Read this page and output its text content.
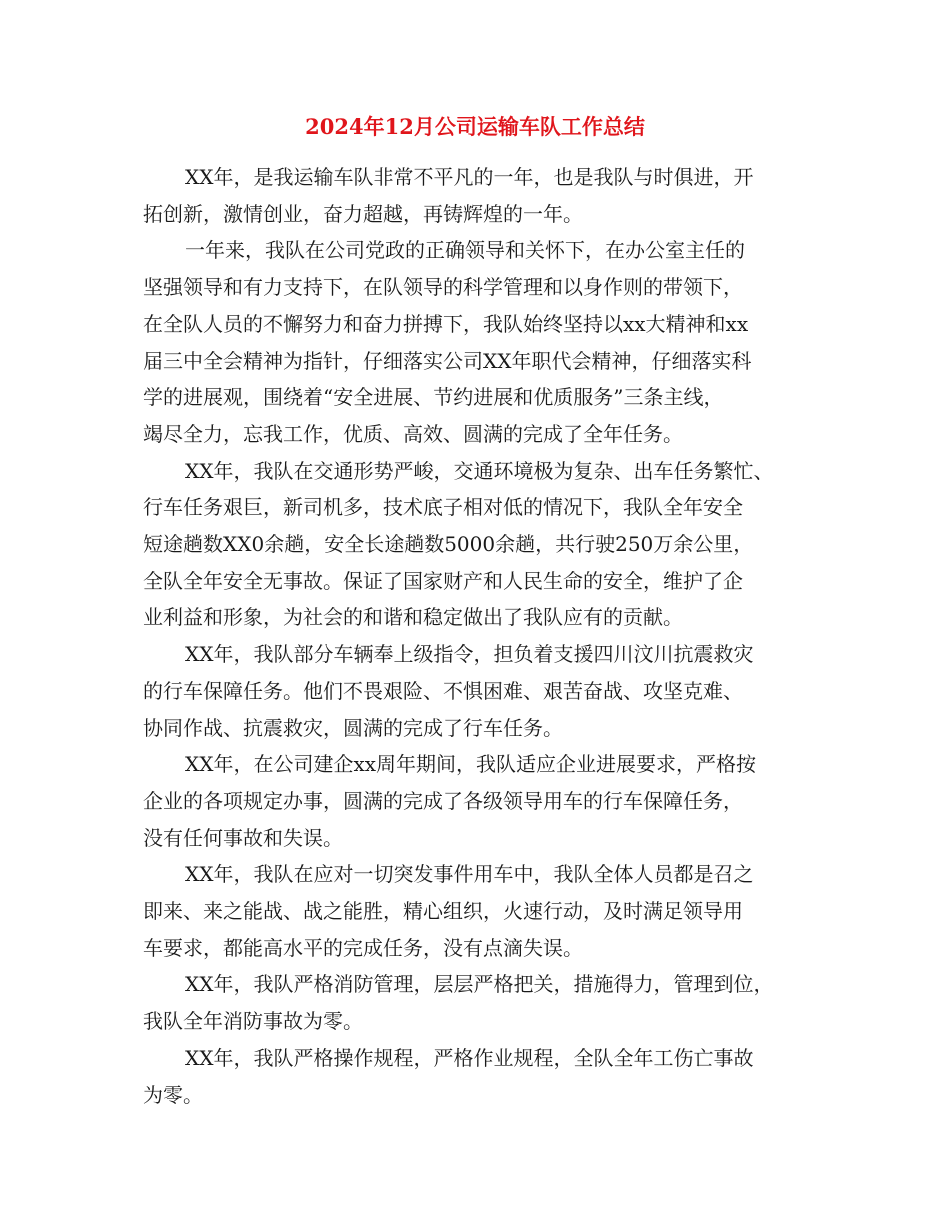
2024年12月公司运输车队工作总结

XX年，是我运输车队非常不平凡的一年，也是我队与时俱进，开
拓创新，激情创业，奋力超越，再铸辉煌的一年。

一年来，我队在公司党政的正确领导和关怀下，在办公室主任的
坚强领导和有力支持下，在队领导的科学管理和以身作则的带领下，
在全队人员的不懈努力和奋力拼搏下，我队始终坚持以xx大精神和xx
届三中全会精神为指针，仔细落实公司XX年职代会精神，仔细落实科
学的进展观，围绕着“安全进展、节约进展和优质服务”三条主线，
竭尽全力，忘我工作，优质、高效、圆满的完成了全年任务。

XX年，我队在交通形势严峻，交通环境极为复杂、出车任务繁忙、
行车任务艰巨，新司机多，技术底子相对低的情况下，我队全年安全
短途趟数XX0余趟，安全长途趟数5000余趟，共行驶250万余公里，
全队全年安全无事故。保证了国家财产和人民生命的安全，维护了企
业利益和形象，为社会的和谐和稳定做出了我队应有的贡献。

XX年，我队部分车辆奉上级指令，担负着支援四川汶川抗震救灾
的行车保障任务。他们不畏艰险、不惧困难、艰苦奋战、攻坚克难、
协同作战、抗震救灾，圆满的完成了行车任务。

XX年，在公司建企xx周年期间，我队适应企业进展要求，严格按
企业的各项规定办事，圆满的完成了各级领导用车的行车保障任务，
没有任何事故和失误。

XX年，我队在应对一切突发事件用车中，我队全体人员都是召之
即来、来之能战、战之能胜，精心组织，火速行动，及时满足领导用
车要求，都能高水平的完成任务，没有点滴失误。

XX年，我队严格消防管理，层层严格把关，措施得力，管理到位，
我队全年消防事故为零。

XX年，我队严格操作规程，严格作业规程，全队全年工伤亡事故
为零。
